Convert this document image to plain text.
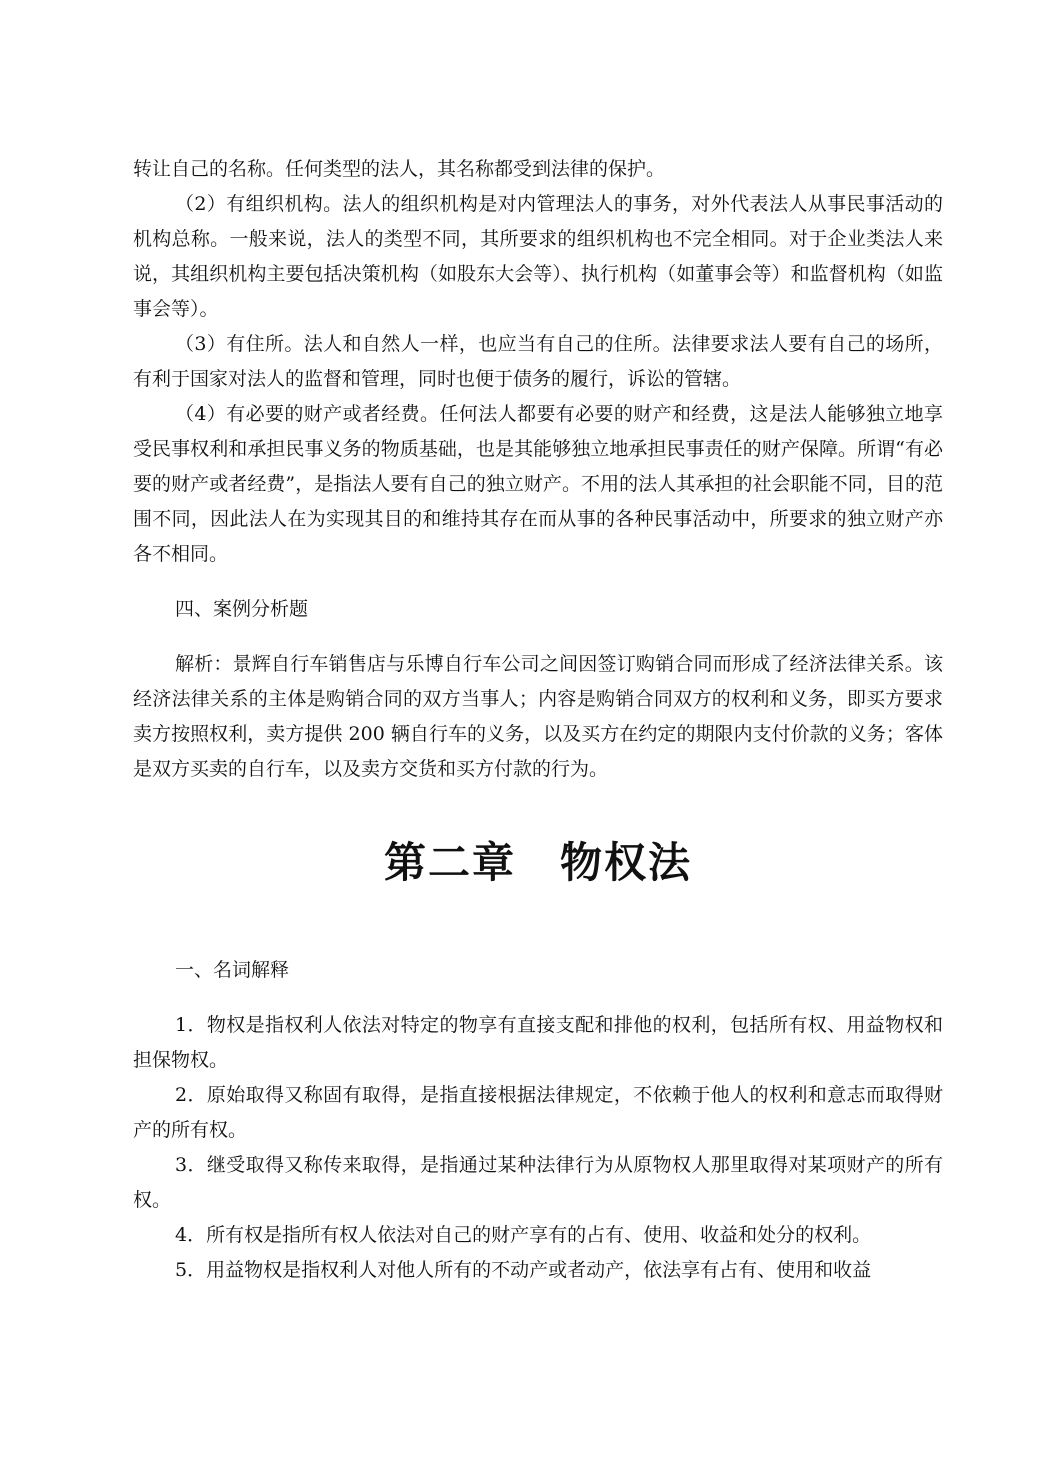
转让自己的名称。任何类型的法人，其名称都受到法律的保护。

（2）有组织机构。法人的组织机构是对内管理法人的事务，对外代表法人从事民事活动的机构总称。一般来说，法人的类型不同，其所要求的组织机构也不完全相同。对于企业类法人来说，其组织机构主要包括决策机构（如股东大会等）、执行机构（如董事会等）和监督机构（如监事会等）。

（3）有住所。法人和自然人一样，也应当有自己的住所。法律要求法人要有自己的场所，有利于国家对法人的监督和管理，同时也便于债务的履行，诉讼的管辖。

（4）有必要的财产或者经费。任何法人都要有必要的财产和经费，这是法人能够独立地享受民事权利和承担民事义务的物质基础，也是其能够独立地承担民事责任的财产保障。所谓“有必要的财产或者经费”，是指法人要有自己的独立财产。不用的法人其承担的社会职能不同，目的范围不同，因此法人在为实现其目的和维持其存在而从事的各种民事活动中，所要求的独立财产亦各不相同。

四、案例分析题

解析：景辉自行车销售店与乐博自行车公司之间因签订购销合同而形成了经济法律关系。该经济法律关系的主体是购销合同的双方当事人；内容是购销合同双方的权利和义务，即买方要求卖方按照权利，卖方提供 200 辆自行车的义务，以及买方在约定的期限内支付价款的义务；客体是双方买卖的自行车，以及卖方交货和买方付款的行为。

第二章　物权法

一、名词解释

1．物权是指权利人依法对特定的物享有直接支配和排他的权利，包括所有权、用益物权和担保物权。

2．原始取得又称固有取得，是指直接根据法律规定，不依赖于他人的权利和意志而取得财产的所有权。

3．继受取得又称传来取得，是指通过某种法律行为从原物权人那里取得对某项财产的所有权。

4．所有权是指所有权人依法对自己的财产享有的占有、使用、收益和处分的权利。

5．用益物权是指权利人对他人所有的不动产或者动产，依法享有占有、使用和收益
